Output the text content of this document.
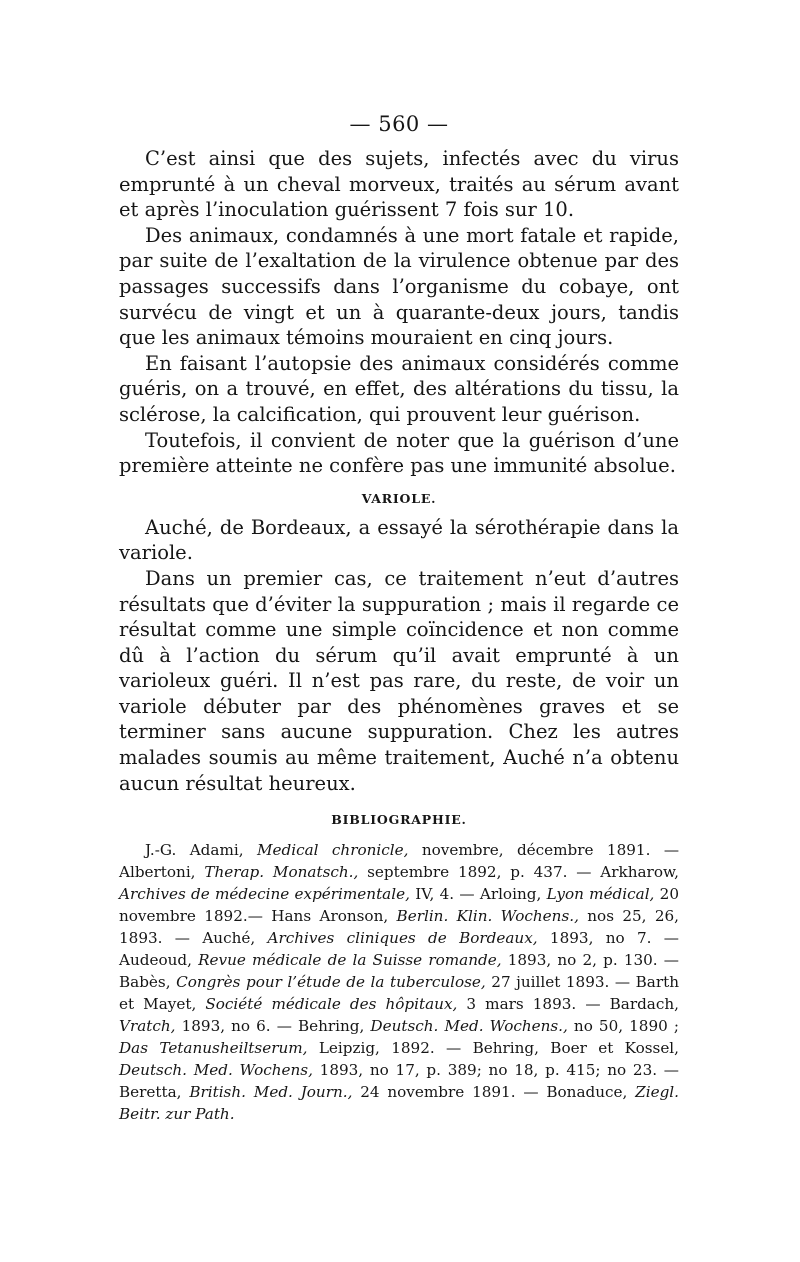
— 560 —

C’est ainsi que des sujets, infectés avec du virus emprunté à un cheval morveux, traités au sérum avant et après l’inoculation guérissent 7 fois sur 10.

Des animaux, condamnés à une mort fatale et rapide, par suite de l’exaltation de la virulence obtenue par des passages successifs dans l’organisme du cobaye, ont survécu de vingt et un à quarante-deux jours, tandis que les animaux témoins mouraient en cinq jours.

En faisant l’autopsie des animaux considérés comme guéris, on a trouvé, en effet, des altérations du tissu, la sclérose, la calcification, qui prouvent leur guérison.

Toutefois, il convient de noter que la guérison d’une première atteinte ne confère pas une immunité absolue.

VARIOLE.

Auché, de Bordeaux, a essayé la sérothérapie dans la variole.

Dans un premier cas, ce traitement n’eut d’autres résultats que d’éviter la suppuration ; mais il regarde ce résultat comme une simple coïncidence et non comme dû à l’action du sérum qu’il avait emprunté à un varioleux guéri. Il n’est pas rare, du reste, de voir un variole débuter par des phénomènes graves et se terminer sans aucune suppuration. Chez les autres malades soumis au même traitement, Auché n’a obtenu aucun résultat heureux.

BIBLIOGRAPHIE.

J.-G. Adami, Medical chronicle, novembre, décembre 1891. — Albertoni, Therap. Monatsch., septembre 1892, p. 437. — Arkharow, Archives de médecine expérimentale, IV, 4. — Arloing, Lyon médical, 20 novembre 1892.— Hans Aronson, Berlin. Klin. Wochens., nos 25, 26, 1893. — Auché, Archives cliniques de Bordeaux, 1893, no 7. — Audeoud, Revue médicale de la Suisse romande, 1893, no 2, p. 130. — Babès, Congrès pour l’étude de la tuberculose, 27 juillet 1893. — Barth et Mayet, Société médicale des hôpitaux, 3 mars 1893. — Bardach, Vratch, 1893, no 6. — Behring, Deutsch. Med. Wochens., no 50, 1890 ; Das Tetanusheiltserum, Leipzig, 1892. — Behring, Boer et Kossel, Deutsch. Med. Wochens, 1893, no 17, p. 389; no 18, p. 415; no 23. — Beretta, British. Med. Journ., 24 novembre 1891. — Bonaduce, Ziegl. Beitr. zur Path.
